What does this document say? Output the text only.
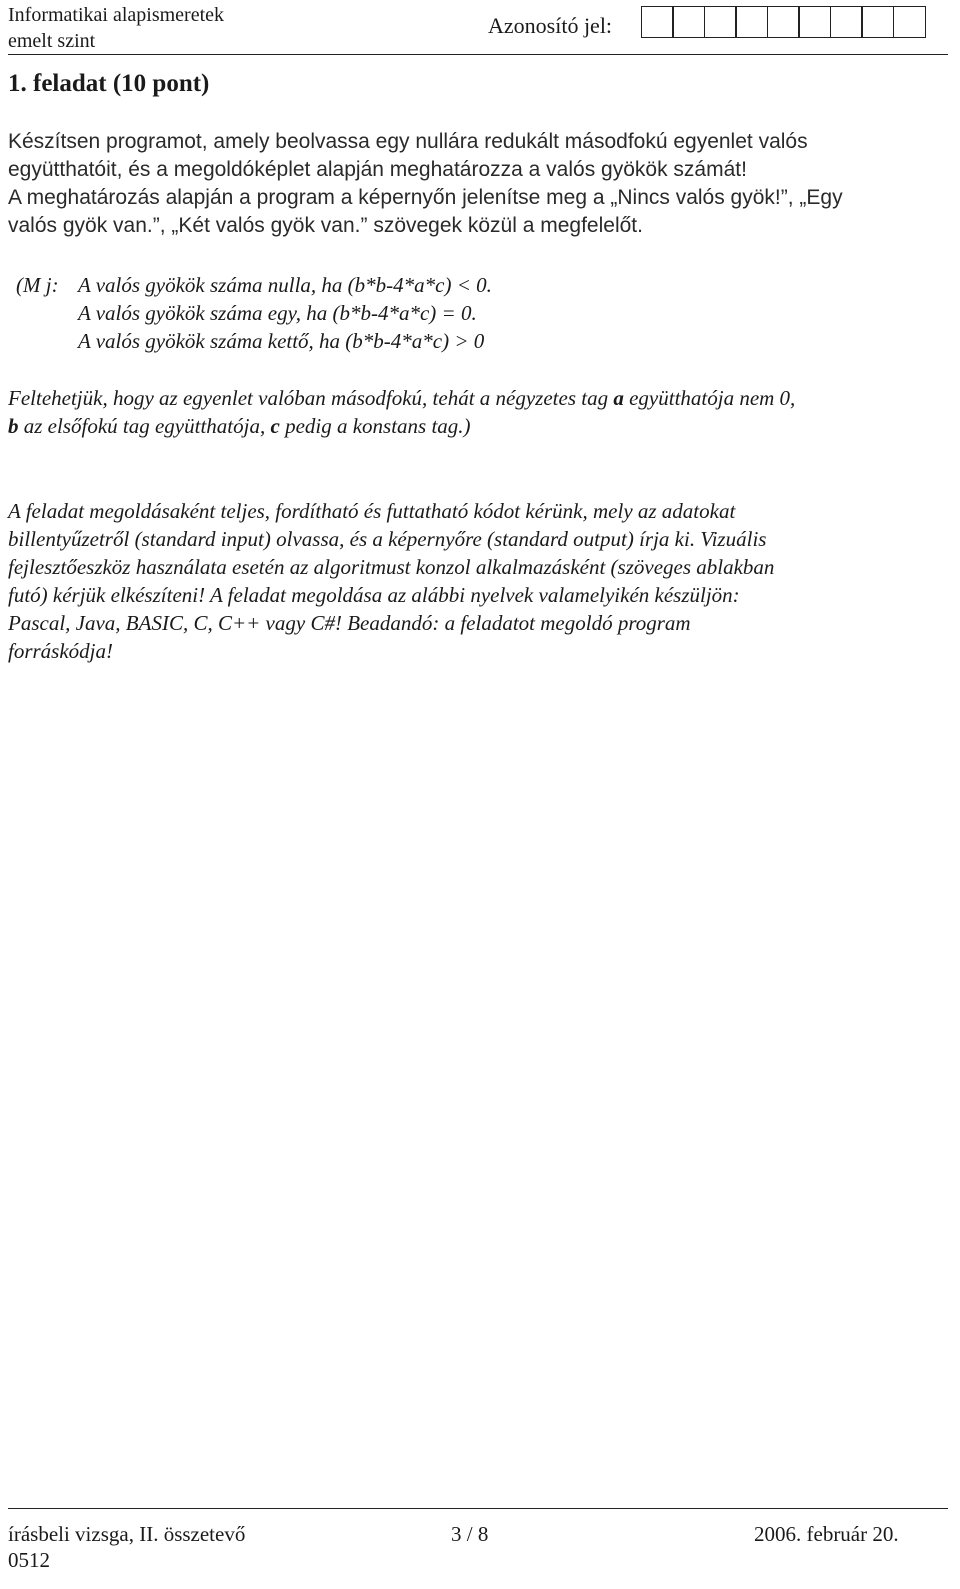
Informatikai alapismeretek
emelt szint
Azonosító jel:
1. feladat (10 pont)
Készítsen programot, amely beolvassa egy nullára redukált másodfokú egyenlet valós
együtthatóit, és a megoldóképlet alapján meghatározza a valós gyökök számát!
A meghatározás alapján a program a képernyőn jelenítse meg a „Nincs valós gyök!”, „Egy
valós gyök van.”, „Két valós gyök van.” szövegek közül a megfelelőt.
(M j: A valós gyökök száma nulla, ha (b*b-4*a*c) < 0.
A valós gyökök száma egy, ha (b*b-4*a*c) = 0.
A valós gyökök száma kettő, ha (b*b-4*a*c) > 0
Feltehetjük, hogy az egyenlet valóban másodfokú, tehát a négyzetes tag a együtthatója nem 0,
b az elsőfokú tag együtthatója, c pedig a konstans tag.)
A feladat megoldásaként teljes, fordítható és futtatható kódot kérünk, mely az adatokat
billentyűzetről (standard input) olvassa, és a képernyőre (standard output) írja ki. Vizuális
fejlesztőeszköz használata esetén az algoritmust konzol alkalmazásként (szöveges ablakban
futó) kérjük elkészíteni! A feladat megoldása az alábbi nyelvek valamelyikén készüljön:
Pascal, Java, BASIC, C, C++ vagy C#! Beadandó: a feladatot megoldó program
forráskódja!
írásbeli vizsga, II. összetevő
0512
3 / 8	2006. február 20.
